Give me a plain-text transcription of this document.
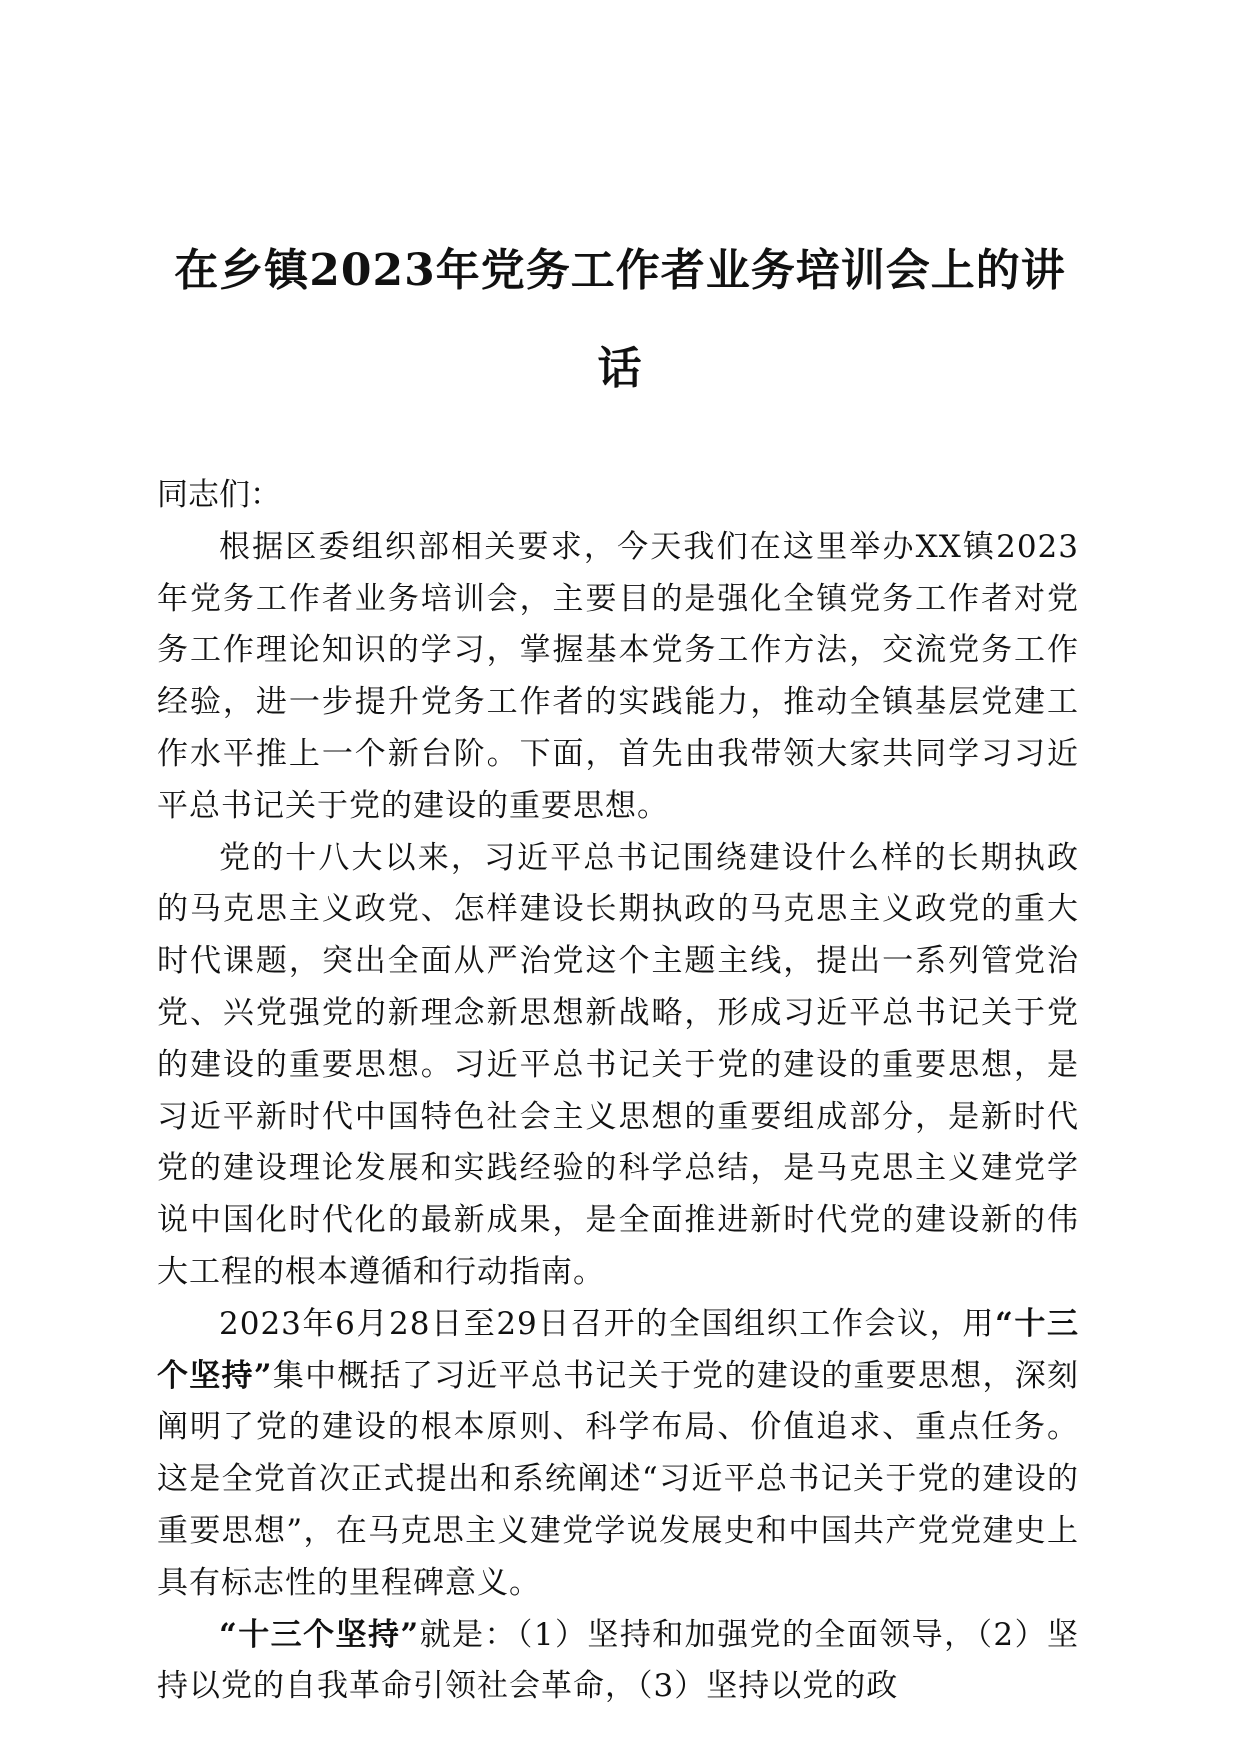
在乡镇2023年党务工作者业务培训会上的讲话

同志们：

根据区委组织部相关要求，今天我们在这里举办XX镇2023年党务工作者业务培训会，主要目的是强化全镇党务工作者对党务工作理论知识的学习，掌握基本党务工作方法，交流党务工作经验，进一步提升党务工作者的实践能力，推动全镇基层党建工作水平推上一个新台阶。下面，首先由我带领大家共同学习习近平总书记关于党的建设的重要思想。

党的十八大以来，习近平总书记围绕建设什么样的长期执政的马克思主义政党、怎样建设长期执政的马克思主义政党的重大时代课题，突出全面从严治党这个主题主线，提出一系列管党治党、兴党强党的新理念新思想新战略，形成习近平总书记关于党的建设的重要思想。习近平总书记关于党的建设的重要思想，是习近平新时代中国特色社会主义思想的重要组成部分，是新时代党的建设理论发展和实践经验的科学总结，是马克思主义建党学说中国化时代化的最新成果，是全面推进新时代党的建设新的伟大工程的根本遵循和行动指南。

2023年6月28日至29日召开的全国组织工作会议，用“十三个坚持”集中概括了习近平总书记关于党的建设的重要思想，深刻阐明了党的建设的根本原则、科学布局、价值追求、重点任务。这是全党首次正式提出和系统阐述“习近平总书记关于党的建设的重要思想”，在马克思主义建党学说发展史和中国共产党党建史上具有标志性的里程碑意义。

“十三个坚持”就是：（1）坚持和加强党的全面领导，（2）坚持以党的自我革命引领社会革命，（3）坚持以党的政
